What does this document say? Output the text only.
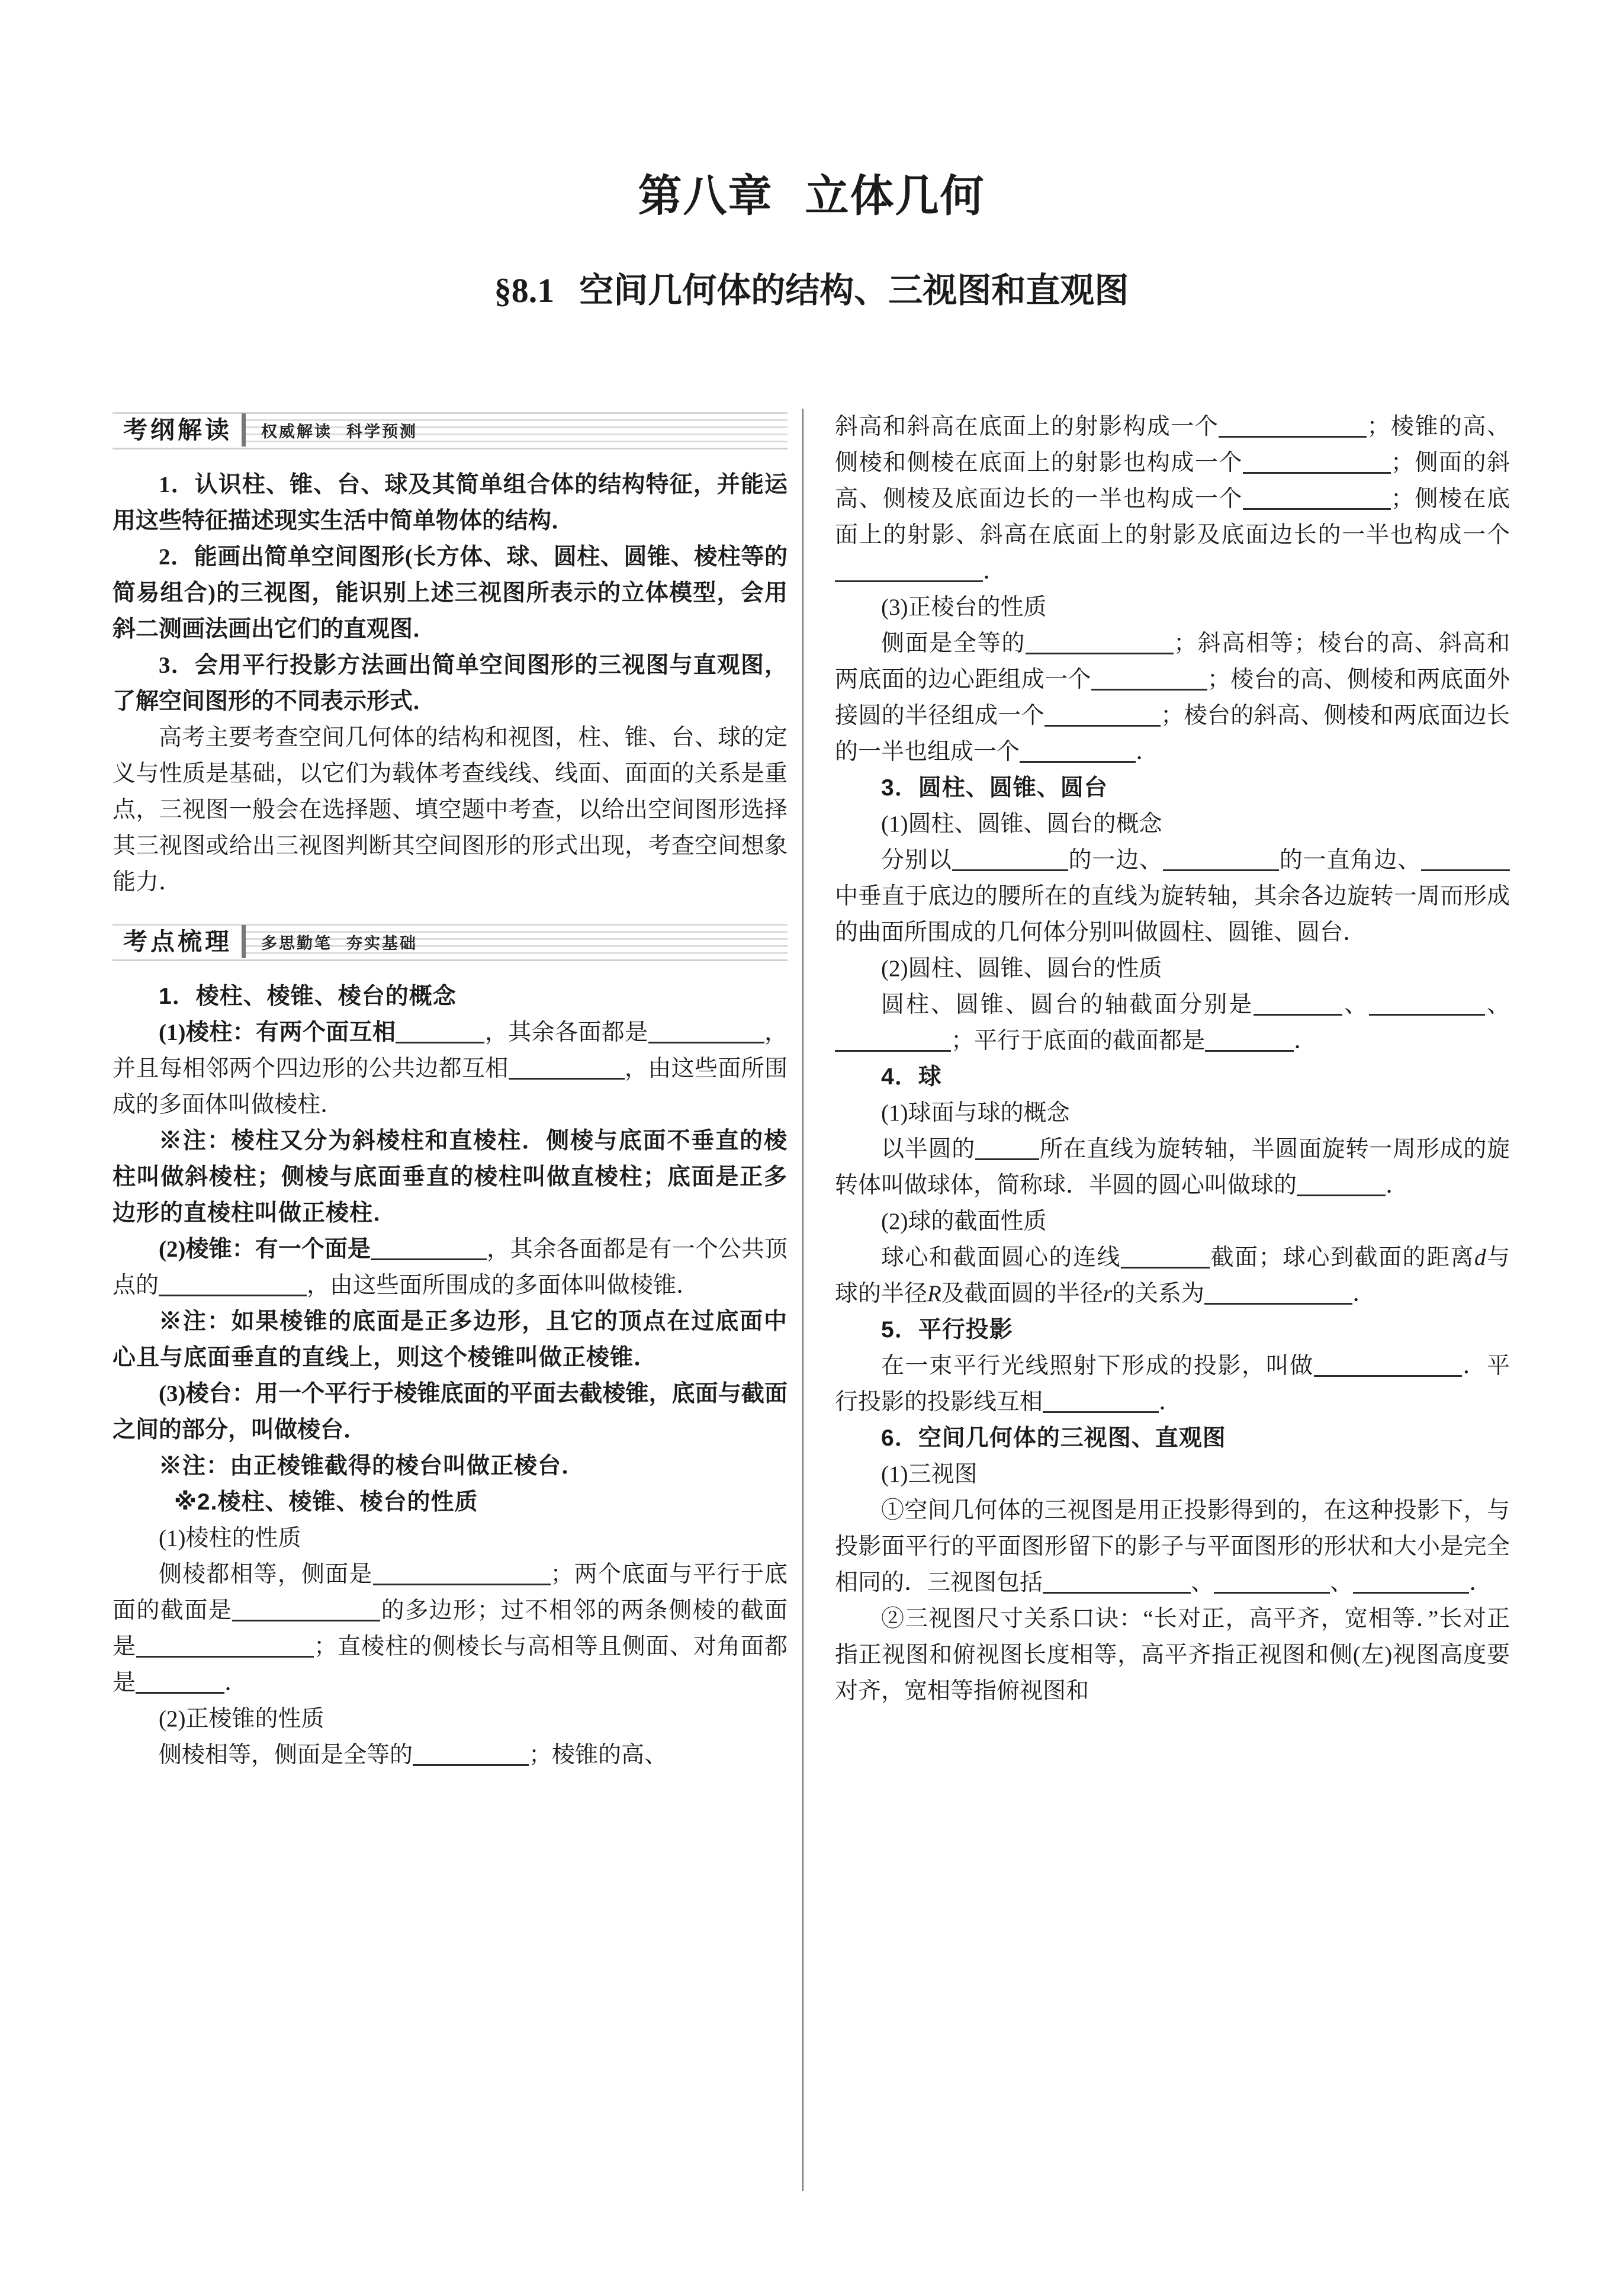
第八章 立体几何
§8.1 空间几何体的结构、三视图和直观图
考纲解读	权威解读 科学预测

1．认识柱、锥、台、球及其简单组合体的结构特征，并能运用这些特征描述现实生活中简单物体的结构．

2．能画出简单空间图形(长方体、球、圆柱、圆锥、棱柱等的简易组合)的三视图，能识别上述三视图所表示的立体模型，会用斜二测画法画出它们的直观图．

3．会用平行投影方法画出简单空间图形的三视图与直观图，了解空间图形的不同表示形式．

高考主要考查空间几何体的结构和视图，柱、锥、台、球的定义与性质是基础，以它们为载体考查线线、线面、面面的关系是重点，三视图一般会在选择题、填空题中考查，以给出空间图形选择其三视图或给出三视图判断其空间图形的形式出现，考查空间想象能力．

考点梳理	多思勤笔 夯实基础

1．棱柱、棱锥、棱台的概念

(1)棱柱：有两个面互相	，其余各面都是	，并且每相邻两个四边形的公共边都互相	，由这些面所围成的多面体叫做棱柱．

※注：棱柱又分为斜棱柱和直棱柱．侧棱与底面不垂直的棱柱叫做斜棱柱；侧棱与底面垂直的棱柱叫做直棱柱；底面是正多边形的直棱柱叫做正棱柱．

(2)棱锥：有一个面是	，其余各面都是有一个公共顶点的	，由这些面所围成的多面体叫做棱锥．

※注：如果棱锥的底面是正多边形，且它的顶点在过底面中心且与底面垂直的直线上，则这个棱锥叫做正棱锥．

(3)棱台：用一个平行于棱锥底面的平面去截棱锥，底面与截面之间的部分，叫做棱台．

※注：由正棱锥截得的棱台叫做正棱台．

※2.棱柱、棱锥、棱台的性质

(1)棱柱的性质

侧棱都相等，侧面是	；两个底面与平行于底面的截面是	的多边形；过不相邻的两条侧棱的截面是	；直棱柱的侧棱长与高相等且侧面、对角面都是	．

(2)正棱锥的性质

侧棱相等，侧面是全等的	；棱锥的高、

斜高和斜高在底面上的射影构成一个	；棱锥的高、侧棱和侧棱在底面上的射影也构成一个	；侧面的斜高、侧棱及底面边长的一半也构成一个	；侧棱在底面上的射影、斜高在底面上的射影及底面边长的一半也构成一个．

(3)正棱台的性质

侧面是全等的	；斜高相等；棱台的高、斜高和两底面的边心距组成一个	；棱台的高、侧棱和两底面外接圆的半径组成一个	；棱台的斜高、侧棱和两底面边长的一半也组成一个	．

3．圆柱、圆锥、圆台

(1)圆柱、圆锥、圆台的概念

分别以	的一边、	的一直角边、中垂直于底边的腰所在的直线为旋转轴，其余各边旋转一周而形成的曲面所围成的几何体分别叫做圆柱、圆锥、圆台．

(2)圆柱、圆锥、圆台的性质

圆柱、圆锥、圆台的轴截面分别是	、	、；平行于底面的截面都是	．

4．球

(1)球面与球的概念

以半圆的	所在直线为旋转轴，半圆面旋转一周形成的旋转体叫做球体，简称球．半圆的圆心叫做球的	．

(2)球的截面性质

球心和截面圆心的连线	截面；球心到截面的距离d与球的半径R及截面圆的半径r的关系为	．

5．平行投影

在一束平行光线照射下形成的投影，叫做	．平行投影的投影线互相	．

6．空间几何体的三视图、直观图

(1)三视图

①空间几何体的三视图是用正投影得到的，在这种投影下，与投影面平行的平面图形留下的影子与平面图形的形状和大小是完全相同的．三视图包括	、	、	．

②三视图尺寸关系口诀：“长对正，高平齐，宽相等．”长对正指正视图和俯视图长度相等，高平齐指正视图和侧(左)视图高度要对齐，宽相等指俯视图和
